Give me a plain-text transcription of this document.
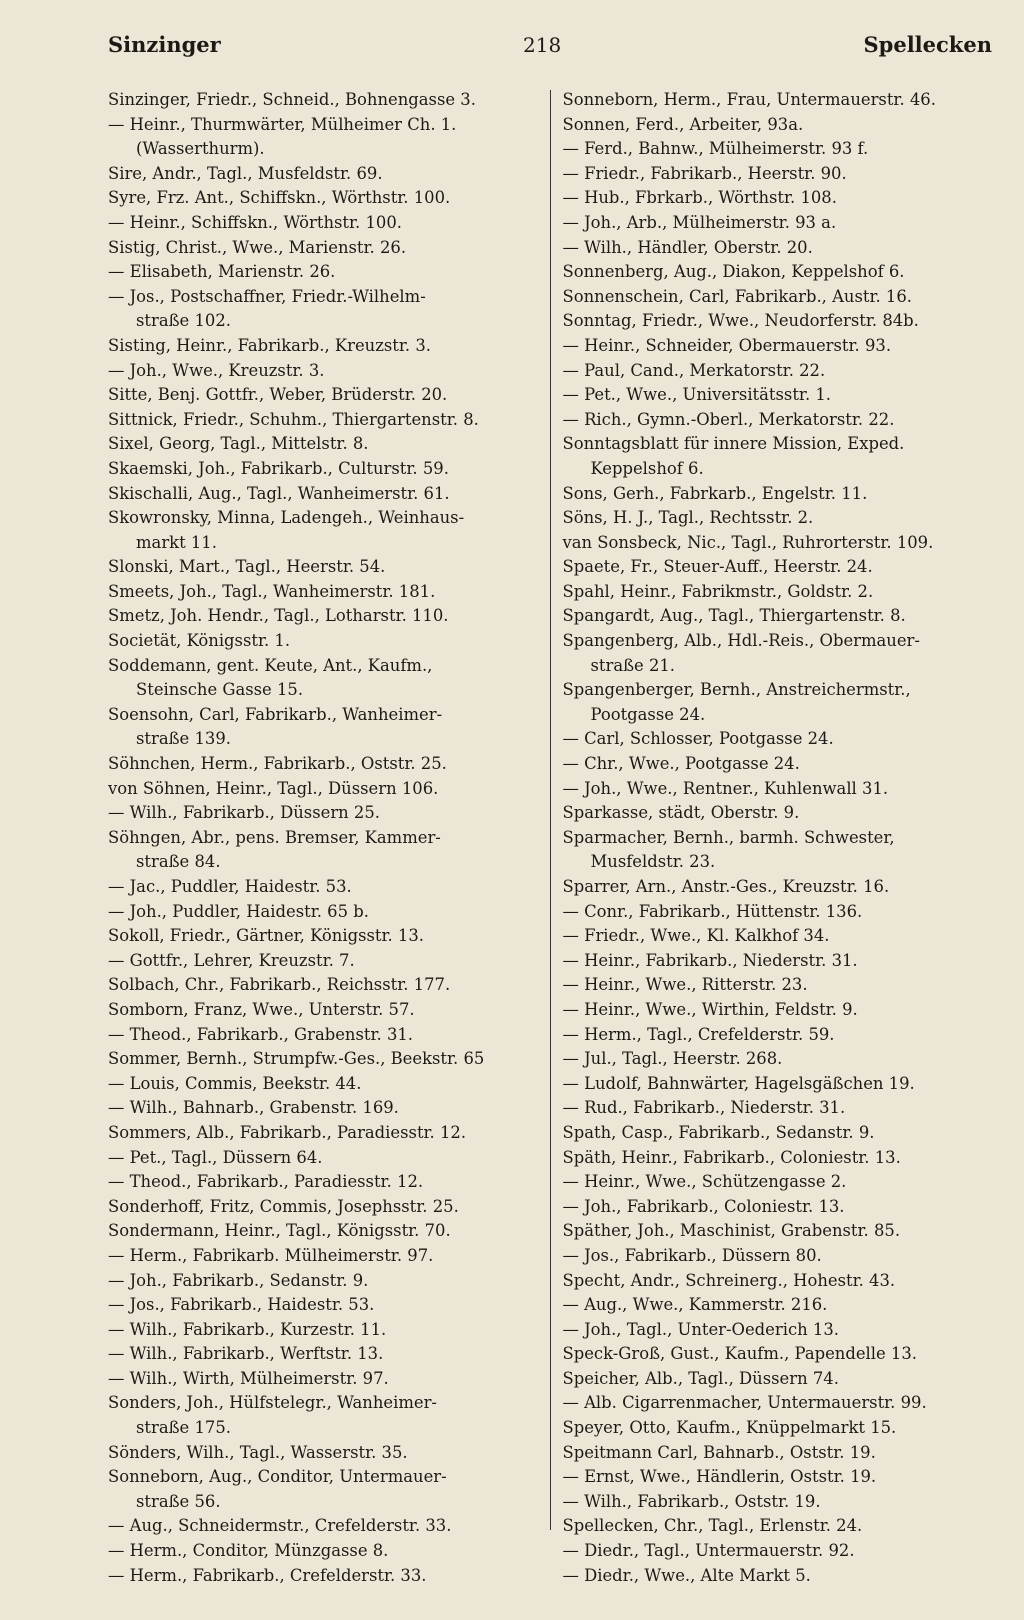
Sinzinger	218	Spellecken
Sinzinger, Friedr., Schneid., Bohnengasse 3.
— Heinr., Thurmwärter, Mülheimer Ch. 1.
(Wasserthurm).
Sire, Andr., Tagl., Musfeldstr. 69.
Syre, Frz. Ant., Schiffskn., Wörthstr. 100.
— Heinr., Schiffskn., Wörthstr. 100.
Sistig, Christ., Wwe., Marienstr. 26.
— Elisabeth, Marienstr. 26.
— Jos., Postschaffner, Friedr.-Wilhelm-
straße 102.
Sisting, Heinr., Fabrikarb., Kreuzstr. 3.
— Joh., Wwe., Kreuzstr. 3.
Sitte, Benj. Gottfr., Weber, Brüderstr. 20.
Sittnick, Friedr., Schuhm., Thiergartenstr. 8.
Sixel, Georg, Tagl., Mittelstr. 8.
Skaemski, Joh., Fabrikarb., Culturstr. 59.
Skischalli, Aug., Tagl., Wanheimerstr. 61.
Skowronsky, Minna, Ladengeh., Weinhaus-
markt 11.
Slonski, Mart., Tagl., Heerstr. 54.
Smeets, Joh., Tagl., Wanheimerstr. 181.
Smetz, Joh. Hendr., Tagl., Lotharstr. 110.
Societät, Königsstr. 1.
Soddemann, gent. Keute, Ant., Kaufm.,
Steinsche Gasse 15.
Soensohn, Carl, Fabrikarb., Wanheimer-
straße 139.
Söhnchen, Herm., Fabrikarb., Oststr. 25.
von Söhnen, Heinr., Tagl., Düssern 106.
— Wilh., Fabrikarb., Düssern 25.
Söhngen, Abr., pens. Bremser, Kammer-
straße 84.
— Jac., Puddler, Haidestr. 53.
— Joh., Puddler, Haidestr. 65 b.
Sokoll, Friedr., Gärtner, Königsstr. 13.
— Gottfr., Lehrer, Kreuzstr. 7.
Solbach, Chr., Fabrikarb., Reichsstr. 177.
Somborn, Franz, Wwe., Unterstr. 57.
— Theod., Fabrikarb., Grabenstr. 31.
Sommer, Bernh., Strumpfw.-Ges., Beekstr. 65
— Louis, Commis, Beekstr. 44.
— Wilh., Bahnarb., Grabenstr. 169.
Sommers, Alb., Fabrikarb., Paradiesstr. 12.
— Pet., Tagl., Düssern 64.
— Theod., Fabrikarb., Paradiesstr. 12.
Sonderhoff, Fritz, Commis, Josephsstr. 25.
Sondermann, Heinr., Tagl., Königsstr. 70.
— Herm., Fabrikarb. Mülheimerstr. 97.
— Joh., Fabrikarb., Sedanstr. 9.
— Jos., Fabrikarb., Haidestr. 53.
— Wilh., Fabrikarb., Kurzestr. 11.
— Wilh., Fabrikarb., Werftstr. 13.
— Wilh., Wirth, Mülheimerstr. 97.
Sonders, Joh., Hülfstelegr., Wanheimer-
straße 175.
Sönders, Wilh., Tagl., Wasserstr. 35.
Sonneborn, Aug., Conditor, Untermauer-
straße 56.
— Aug., Schneidermstr., Crefelderstr. 33.
— Herm., Conditor, Münzgasse 8.
— Herm., Fabrikarb., Crefelderstr. 33.
Sonneborn, Herm., Frau, Untermauerstr. 46.
Sonnen, Ferd., Arbeiter, 93a.
— Ferd., Bahnw., Mülheimerstr. 93 f.
— Friedr., Fabrikarb., Heerstr. 90.
— Hub., Fbrkarb., Wörthstr. 108.
— Joh., Arb., Mülheimerstr. 93 a.
— Wilh., Händler, Oberstr. 20.
Sonnenberg, Aug., Diakon, Keppelshof 6.
Sonnenschein, Carl, Fabrikarb., Austr. 16.
Sonntag, Friedr., Wwe., Neudorferstr. 84b.
— Heinr., Schneider, Obermauerstr. 93.
— Paul, Cand., Merkatorstr. 22.
— Pet., Wwe., Universitätsstr. 1.
— Rich., Gymn.-Oberl., Merkatorstr. 22.
Sonntagsblatt für innere Mission, Exped.
Keppelshof 6.
Sons, Gerh., Fabrkarb., Engelstr. 11.
Söns, H. J., Tagl., Rechtsstr. 2.
van Sonsbeck, Nic., Tagl., Ruhrorterstr. 109.
Spaete, Fr., Steuer-Auff., Heerstr. 24.
Spahl, Heinr., Fabrikmstr., Goldstr. 2.
Spangardt, Aug., Tagl., Thiergartenstr. 8.
Spangenberg, Alb., Hdl.-Reis., Obermauer-
straße 21.
Spangenberger, Bernh., Anstreichermstr.,
Pootgasse 24.
— Carl, Schlosser, Pootgasse 24.
— Chr., Wwe., Pootgasse 24.
— Joh., Wwe., Rentner., Kuhlenwall 31.
Sparkasse, städt, Oberstr. 9.
Sparmacher, Bernh., barmh. Schwester,
Musfeldstr. 23.
Sparrer, Arn., Anstr.-Ges., Kreuzstr. 16.
— Conr., Fabrikarb., Hüttenstr. 136.
— Friedr., Wwe., Kl. Kalkhof 34.
— Heinr., Fabrikarb., Niederstr. 31.
— Heinr., Wwe., Ritterstr. 23.
— Heinr., Wwe., Wirthin, Feldstr. 9.
— Herm., Tagl., Crefelderstr. 59.
— Jul., Tagl., Heerstr. 268.
— Ludolf, Bahnwärter, Hagelsgäßchen 19.
— Rud., Fabrikarb., Niederstr. 31.
Spath, Casp., Fabrikarb., Sedanstr. 9.
Späth, Heinr., Fabrikarb., Coloniestr. 13.
— Heinr., Wwe., Schützengasse 2.
— Joh., Fabrikarb., Coloniestr. 13.
Späther, Joh., Maschinist, Grabenstr. 85.
— Jos., Fabrikarb., Düssern 80.
Specht, Andr., Schreinerg., Hohestr. 43.
— Aug., Wwe., Kammerstr. 216.
— Joh., Tagl., Unter-Oederich 13.
Speck-Groß, Gust., Kaufm., Papendelle 13.
Speicher, Alb., Tagl., Düssern 74.
— Alb. Cigarrenmacher, Untermauerstr. 99.
Speyer, Otto, Kaufm., Knüppelmarkt 15.
Speitmann Carl, Bahnarb., Oststr. 19.
— Ernst, Wwe., Händlerin, Oststr. 19.
— Wilh., Fabrikarb., Oststr. 19.
Spellecken, Chr., Tagl., Erlenstr. 24.
— Diedr., Tagl., Untermauerstr. 92.
— Diedr., Wwe., Alte Markt 5.
